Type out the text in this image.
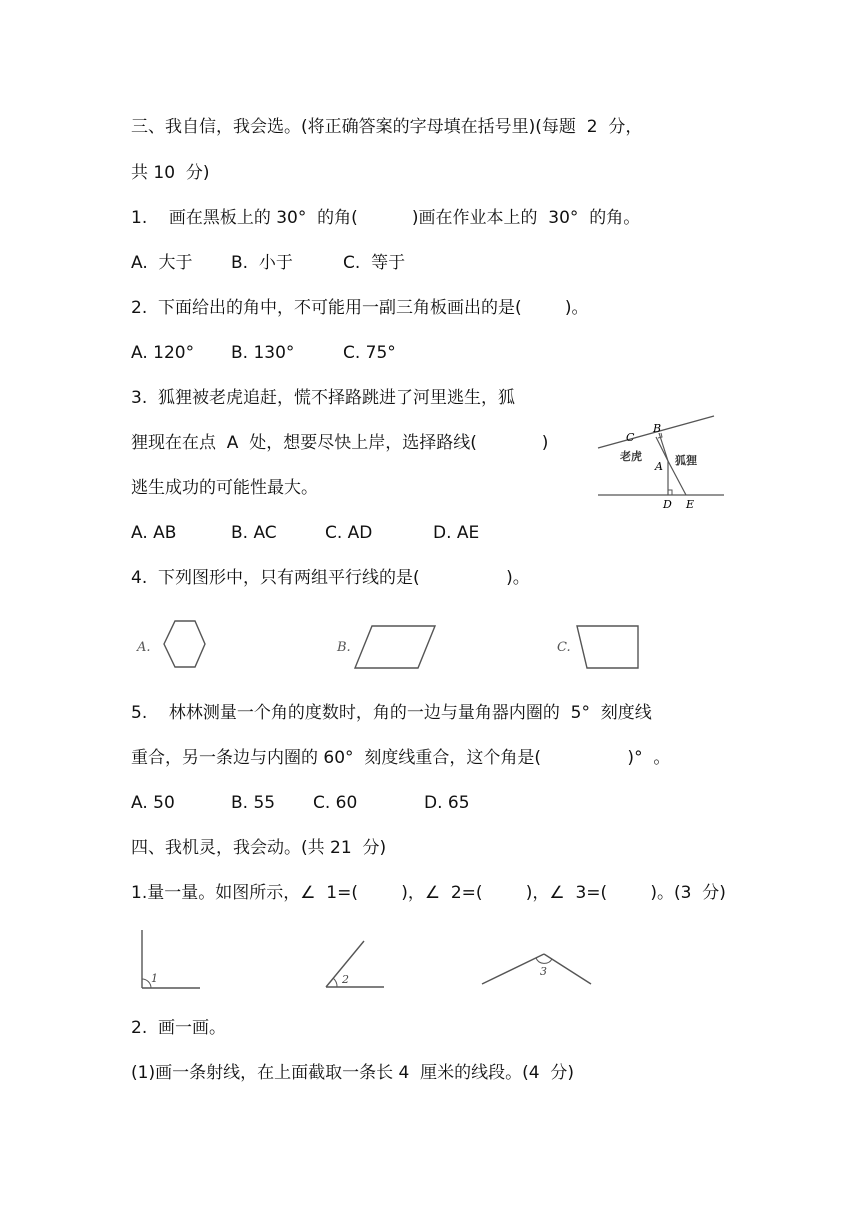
三、我自信，我会选。(将正确答案的字母填在括号里)(每题  2  分，
共 10  分)
1.    画在黑板上的 30°  的角(          )画在作业本上的  30°  的角。
A.  大于 B.  小于	C.  等于
2.  下面给出的角中，不可能用一副三角板画出的是(        )。
A. 120° B. 130°	C. 75°
3.  狐狸被老虎追赶，慌不择路跳进了河里逃生，狐
狸现在在点  A  处，想要尽快上岸，选择路线(            )
逃生成功的可能性最大。
C
B
A
D E
老虎	狐狸
A. AB	B. AC	C. AD	D. AE
4.  下列图形中，只有两组平行线的是(                )。
A.	B.	C.
5.    林林测量一个角的度数时，角的一边与量角器内圈的  5°  刻度线
重合，另一条边与内圈的 60°  刻度线重合，这个角是(                )°  。
A. 50	B. 55 C. 60	D. 65
四、我机灵，我会动。(共 21  分)
1.量一量。如图所示，∠  1=(        )，∠  2=(        )，∠  3=(        )。(3  分)
1	2
3
2.  画一画。
(1)画一条射线，在上面截取一条长 4  厘米的线段。(4  分)
